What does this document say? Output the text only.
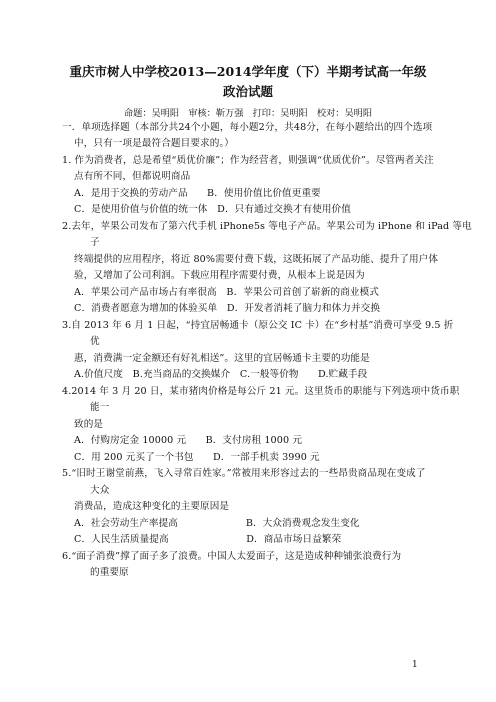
重庆市树人中学校2013—2014学年度（下）半期考试高一年级
政治试题
命题：吴明阳　审核：靳万强　打印：吴明阳　校对：吴明阳
一．单项选择题（本部分共24个小题，每小题2分，共48分，在每小题给出的四个选项
中，只有一项是最符合题目要求的。）
1. 作为消费者，总是希望“质优价廉”；作为经营者，则强调“优质优价”。尽管两者关注
点有所不同，但都说明商品
A．是用于交换的劳动产品　　B．使用价值比价值更重要
C．是使用价值与价值的统一体　D．只有通过交换才有使用价值
2.去年，苹果公司发布了第六代手机 iPhone5s 等电子产品。苹果公司为 iPhone 和 iPad 等电
子
终端提供的应用程序，将近 80%需要付费下载，这既拓展了产品功能、提升了用户体
验，又增加了公司利润。下载应用程序需要付费，从根本上说是因为
A．苹果公司产品市场占有率很高　B．苹果公司首创了崭新的商业模式
C．消费者愿意为增加的体验买单　D．开发者消耗了脑力和体力并交换
3.自 2013 年 6 月 1 日起，“持宜居畅通卡（原公交 IC 卡）在“乡村基”消费可享受 9.5 折
优
惠，消费满一定金额还有好礼相送”。这里的宜居畅通卡主要的功能是
A.价值尺度　B.充当商品的交换媒介　C.一般等价物　　D.贮藏手段
4.2014 年 3 月 20 日，某市猪肉价格是每公斤 21 元。这里货币的职能与下列选项中货币职
能一
致的是
A．付购房定金 10000 元　　B．支付房租 1000 元
C．用 200 元买了一个书包　　D．一部手机卖 3990 元
5.“旧时王谢堂前燕，飞入寻常百姓家。”常被用来形容过去的一些昂贵商品现在变成了
大众
消费品，造成这种变化的主要原因是
A．社会劳动生产率提高　　　　　　　B．大众消费观念发生变化
C．人民生活质量提高　　　　　　　　D．商品市场日益繁荣
6.“面子消费”撑了面子多了浪费。中国人太爱面子，这是造成种种铺张浪费行为
的重要原
1
